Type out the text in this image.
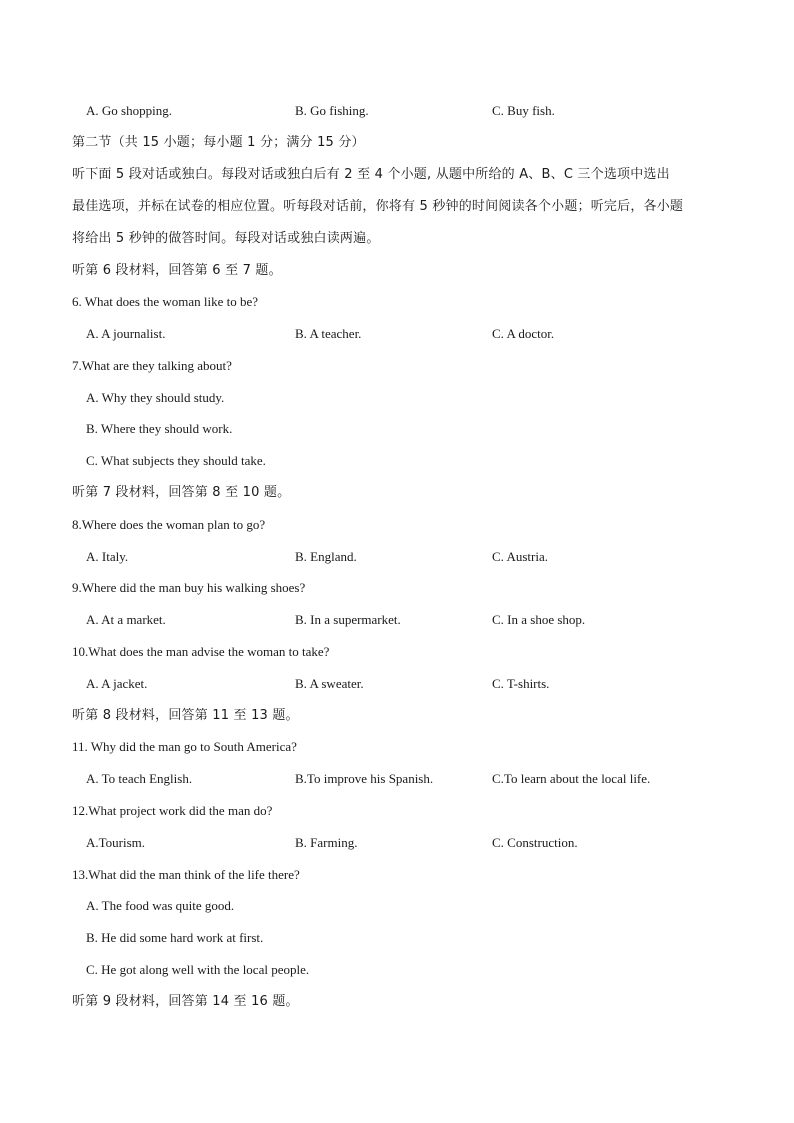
A. Go shopping.	B. Go fishing.	C. Buy fish.
第二节（共 15 小题；每小题 1 分；满分 15 分）
听下面 5 段对话或独白。每段对话或独白后有 2 至 4 个小题, 从题中所给的 A、B、C 三个选项中选出
最佳选项，并标在试卷的相应位置。听每段对话前，你将有 5 秒钟的时间阅读各个小题；听完后，各小题
将给出 5 秒钟的做答时间。每段对话或独白读两遍。
听第 6 段材料，回答第 6 至 7 题。
6. What does the woman like to be?
A. A journalist.	B. A teacher.	C. A doctor.
7.What are they talking about?
A. Why they should study.
B. Where they should work.
C. What subjects they should take.
听第 7 段材料，回答第 8 至 10 题。
8.Where does the woman plan to go?
A. Italy.	B. England.	C. Austria.
9.Where did the man buy his walking shoes?
A. At a market.	B. In a supermarket.	C. In a shoe shop.
10.What does the man advise the woman to take?
A. A jacket.	B. A sweater.	C. T-shirts.
听第 8 段材料，回答第 11 至 13 题。
11. Why did the man go to South America?
A. To teach English.	B.To improve his Spanish.	C.To learn about the local life.
12.What project work did the man do?
A.Tourism.	B. Farming.	C. Construction.
13.What did the man think of the life there?
A. The food was quite good.
B. He did some hard work at first.
C. He got along well with the local people.
听第 9 段材料，回答第 14 至 16 题。
